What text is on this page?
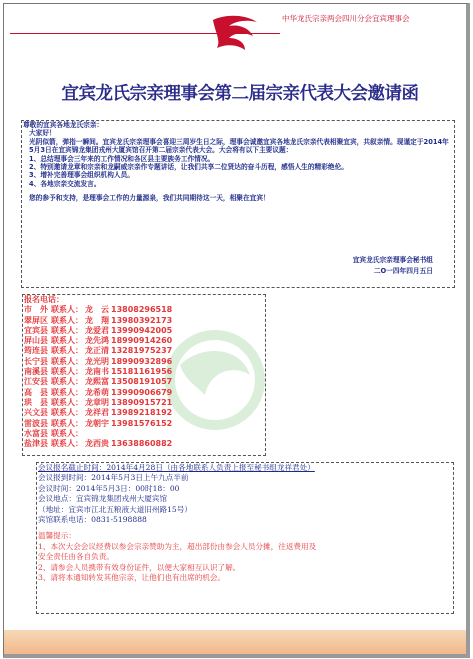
中华龙氏宗亲两会四川分会宜宾理事会
宜宾龙氏宗亲理事会第二届宗亲代表大会邀请函

尊敬的宜宾各地龙氏宗亲：

大家好！

光阴似箭，弹指一瞬间。宜宾龙氏宗亲理事会喜迎三周岁生日之际，理事会诚邀宜宾各地龙氏宗亲代表相聚宜宾，共叙亲情。现谨定于2014年5月3日在宜宾锦龙集团戎州大厦宾馆召开第二届宗亲代表大会。大会将有以下主要议题：

1、总结理事会三年来的工作情况和各区县主要族务工作情况。

2、特别邀请龙章和宗亲和龙嗣威宗亲作专题讲话，让我们共享二位贤达的奋斗历程，感悟人生的精彩绝伦。

3、增补完善理事会组织机构人员。

4、各地宗亲交流发言。

您的参予和支持，是理事会工作的力量源泉，我们共同期待这一天，相聚在宜宾！

宜宾龙氏宗亲理事会秘书组
二O一四年四月五日
报名电话：
市　外 联系人： 龙　云 13808296518
翠屏区 联系人： 龙　翔 13980392173
宜宾县 联系人： 龙爱君 13990942005
屏山县 联系人： 龙先鸿 18990914260
筠连县 联系人： 龙正清 13281975237
长宁县 联系人： 龙光明 18990932896
南溪县 联系人： 龙南书 15181161956
江安县 联系人： 龙熙富 13508191057
高　县 联系人： 龙希萌 13990906679
珙　县 联系人： 龙章明 13890915721
兴文县 联系人： 龙祥君 13989218192
雷波县 联系人： 龙朝宇 13981576152
水富县 联系人：
盐津县 联系人： 龙西贵 13638860882

会议报名截止时间：2014年4月28日（由各地联系人负责上报至秘书组龙祥君处）

会议报到时间：2014年5月3日上午九点半前

会议时间：2014年5月3日：00时18：00

会议地点：宜宾锦龙集团戎州大厦宾馆

（地址：宜宾市江北五粮液大道旧州路15号）

宾馆联系电话：0831-5198888

温馨提示：

1、本次大会会议经费以参会宗亲赞助为主，超出部份由参会人员分摊，往返费用及

安全责任由各自负责。

2、请参会人员携带有效身份证件，以便大家相互认识了解。

3、请将本通知转发其他宗亲，让他们也有出席的机会。
